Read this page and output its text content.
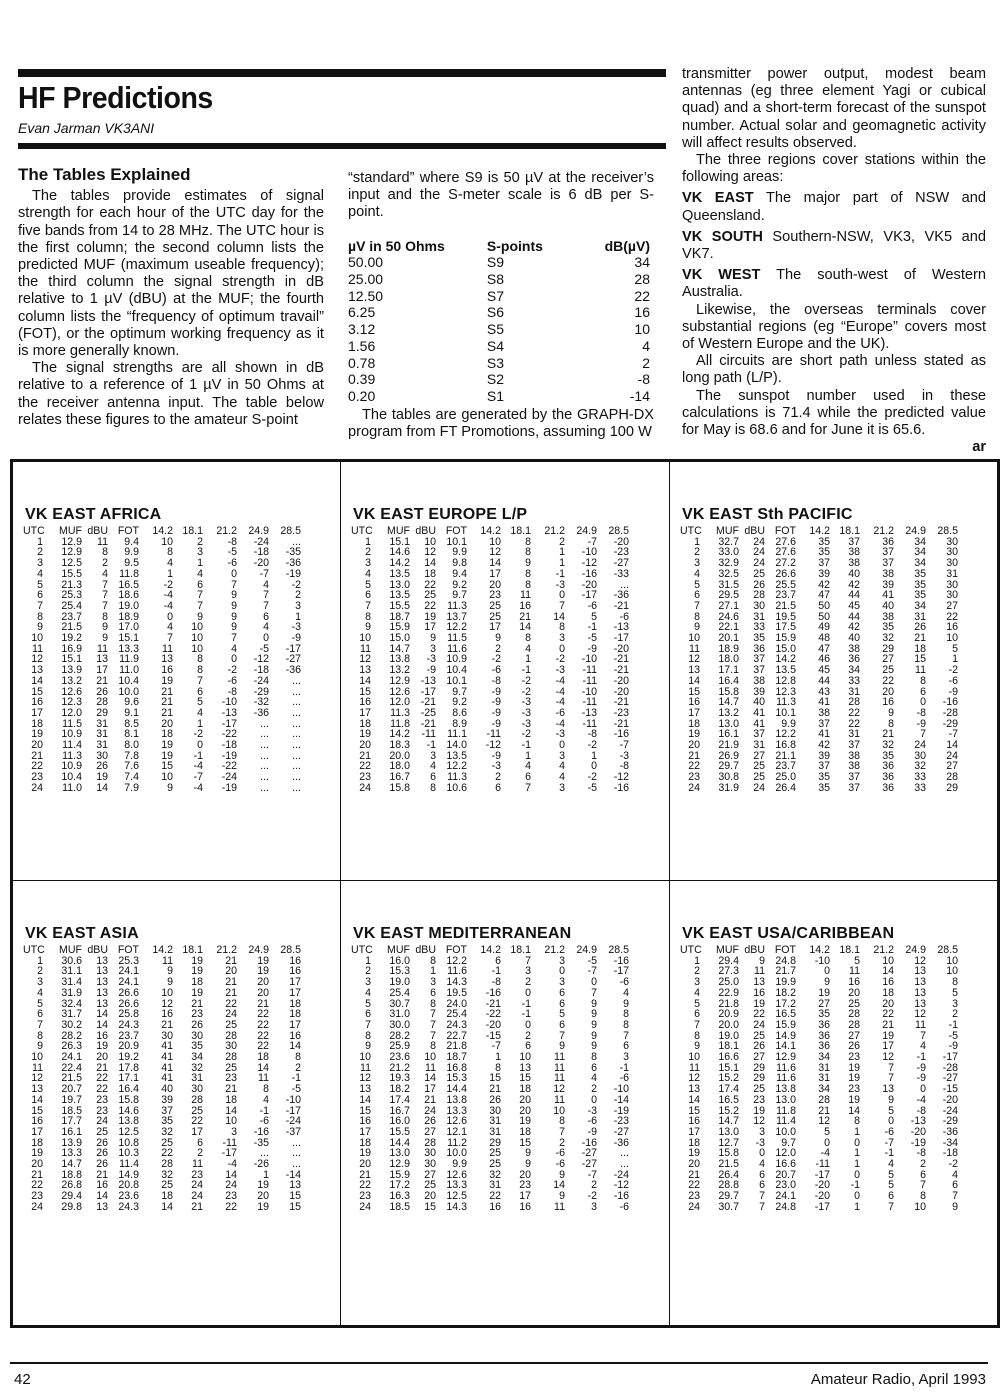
HF Predictions
Evan Jarman VK3ANI
The Tables Explained

The tables provide estimates of signal strength for each hour of the UTC day for the five bands from 14 to 28 MHz. The UTC hour is the first column; the second column lists the predicted MUF (maximum useable frequency); the third column the signal strength in dB relative to 1 µV (dBU) at the MUF; the fourth column lists the “frequency of optimum travail” (FOT), or the optimum working frequency as it is more generally known.

The signal strengths are all shown in dB relative to a reference of 1 µV in 50 Ohms at the receiver antenna input. The table below relates these figures to the amateur S-point

“standard” where S9 is 50 µV at the receiver’s input and the S-meter scale is 6 dB per S-point.

µV in 50 Ohms	S-points	dB(µV)
50.00	S9	34
25.00	S8	28
12.50	S7	22
6.25	S6	16
3.12	S5	10
1.56	S4	4
0.78	S3	2
0.39	S2	-8
0.20	S1	-14

The tables are generated by the GRAPH-DX program from FT Promotions, assuming 100 W

transmitter power output, modest beam antennas (eg three element Yagi or cubical quad) and a short-term forecast of the sunspot number. Actual solar and geomagnetic activity will affect results observed.

The three regions cover stations within the following areas:

VK EAST The major part of NSW and Queensland.

VK SOUTH Southern-NSW, VK3, VK5 and VK7.

VK WEST The south-west of Western Australia.

Likewise, the overseas terminals cover substantial regions (eg “Europe” covers most of Western Europe and the UK).

All circuits are short path unless stated as long path (L/P).

The sunspot number used in these calculations is 71.4 while the predicted value for May is 68.6 and for June it is 65.6.

ar
VK EAST AFRICA
UTC	MUF	dBU	FOT	14.2	18.1	21.2	24.9	28.5
1	12.9	11	9.4	10	2	-8	-24	...
2	12.9	8	9.9	8	3	-5	-18	-35
3	12.5	2	9.5	4	1	-6	-20	-36
4	15.5	4	11.8	1	4	0	-7	-19
5	21.3	7	16.5	-2	6	7	4	-2
6	25.3	7	18.6	-4	7	9	7	2
7	25.4	7	19.0	-4	7	9	7	3
8	23.7	8	18.9	0	9	9	6	1
9	21.5	9	17.0	4	10	9	4	-3
10	19.2	9	15.1	7	10	7	0	-9
11	16.9	11	13.3	11	10	4	-5	-17
12	15.1	13	11.9	13	8	0	-12	-27
13	13.9	17	11.0	16	8	-2	-18	-36
14	13.2	21	10.4	19	7	-6	-24	...
15	12.6	26	10.0	21	6	-8	-29	...
16	12.3	28	9.6	21	5	-10	-32	...
17	12.0	29	9.1	21	4	-13	-36	...
18	11.5	31	8.5	20	1	-17	...	...
19	10.9	31	8.1	18	-2	-22	...	...
20	11.4	31	8.0	19	0	-18	...	...
21	11.3	30	7.8	19	-1	-19	...	...
22	10.9	26	7.6	15	-4	-22	...	...
23	10.4	19	7.4	10	-7	-24	...	...
24	11.0	14	7.9	9	-4	-19	...	...
VK EAST EUROPE L/P
UTC	MUF	dBU	FOT	14.2	18.1	21.2	24.9	28.5
1	15.1	10	10.1	10	8	2	-7	-20
2	14.6	12	9.9	12	8	1	-10	-23
3	14.2	14	9.8	14	9	1	-12	-27
4	13.5	18	9.4	17	8	-1	-16	-33
5	13.0	22	9.2	20	8	-3	-20	...
6	13.5	25	9.7	23	11	0	-17	-36
7	15.5	22	11.3	25	16	7	-6	-21
8	18.7	19	13.7	25	21	14	5	-6
9	15.9	17	12.2	17	14	8	-1	-13
10	15.0	9	11.5	9	8	3	-5	-17
11	14.7	3	11.6	2	4	0	-9	-20
12	13.8	-3	10.9	-2	1	-2	-10	-21
13	13.2	-9	10.4	-6	-1	-3	-11	-21
14	12.9	-13	10.1	-8	-2	-4	-11	-20
15	12.6	-17	9.7	-9	-2	-4	-10	-20
16	12.0	-21	9.2	-9	-3	-4	-11	-21
17	11.3	-25	8.6	-9	-3	-6	-13	-23
18	11.8	-21	8.9	-9	-3	-4	-11	-21
19	14.2	-11	11.1	-11	-2	-3	-8	-16
20	18.3	-1	14.0	-12	-1	0	-2	-7
21	20.0	3	13.5	-9	1	3	1	-3
22	18.0	4	12.2	-3	4	4	0	-8
23	16.7	6	11.3	2	6	4	-2	-12
24	15.8	8	10.6	6	7	3	-5	-16
VK EAST Sth PACIFIC
UTC	MUF	dBU	FOT	14.2	18.1	21.2	24.9	28.5
1	32.7	24	27.6	35	37	36	34	30
2	33.0	24	27.6	35	38	37	34	30
3	32.9	24	27.2	37	38	37	34	30
4	32.5	25	26.6	39	40	38	35	31
5	31.5	26	25.5	42	42	39	35	30
6	29.5	28	23.7	47	44	41	35	30
7	27.1	30	21.5	50	45	40	34	27
8	24.6	31	19.5	50	44	38	31	22
9	22.1	33	17.5	49	42	35	26	16
10	20.1	35	15.9	48	40	32	21	10
11	18.9	36	15.0	47	38	29	18	5
12	18.0	37	14.2	46	36	27	15	1
13	17.1	37	13.5	45	34	25	11	-2
14	16.4	38	12.8	44	33	22	8	-6
15	15.8	39	12.3	43	31	20	6	-9
16	14.7	40	11.3	41	28	16	0	-16
17	13.2	41	10.1	38	22	9	-8	-28
18	13.0	41	9.9	37	22	8	-9	-29
19	16.1	37	12.2	41	31	21	7	-7
20	21.9	31	16.8	42	37	32	24	14
21	26.9	27	21.1	39	38	35	30	24
22	29.7	25	23.7	37	38	36	32	27
23	30.8	25	25.0	35	37	36	33	28
24	31.9	24	26.4	35	37	36	33	29
VK EAST ASIA
UTC	MUF	dBU	FOT	14.2	18.1	21.2	24.9	28.5
1	30.6	13	25.3	11	19	21	19	16
2	31.1	13	24.1	9	19	20	19	16
3	31.4	13	24.1	9	18	21	20	17
4	31.9	13	26.6	10	19	21	20	17
5	32.4	13	26.6	12	21	22	21	18
6	31.7	14	25.8	16	23	24	22	18
7	30.2	14	24.3	21	26	25	22	17
8	28.2	16	23.7	30	30	28	22	16
9	26.3	19	20.9	41	35	30	22	14
10	24.1	20	19.2	41	34	28	18	8
11	22.4	21	17.8	41	32	25	14	2
12	21.5	22	17.1	41	31	23	11	-1
13	20.7	22	16.4	40	30	21	8	-5
14	19.7	23	15.8	39	28	18	4	-10
15	18.5	23	14.6	37	25	14	-1	-17
16	17.7	24	13.8	35	22	10	-6	-24
17	16.1	25	12.5	32	17	3	-16	-37
18	13.9	26	10.8	25	6	-11	-35	...
19	13.3	26	10.3	22	2	-17	...	...
20	14.7	26	11.4	28	11	-4	-26	...
21	18.8	21	14.9	32	23	14	1	-14
22	26.8	16	20.8	25	24	24	19	13
23	29.4	14	23.6	18	24	23	20	15
24	29.8	13	24.3	14	21	22	19	15
VK EAST MEDITERRANEAN
UTC	MUF	dBU	FOT	14.2	18.1	21.2	24.9	28.5
1	16.0	8	12.2	6	7	3	-5	-16
2	15.3	1	11.6	-1	3	0	-7	-17
3	19.0	3	14.3	-8	2	3	0	-6
4	25.4	6	19.5	-16	0	6	7	4
5	30.7	8	24.0	-21	-1	6	9	9
6	31.0	7	25.4	-22	-1	5	9	8
7	30.0	7	24.3	-20	0	6	9	8
8	28.2	7	22.7	-15	2	7	9	7
9	25.9	8	21.8	-7	6	9	9	6
10	23.6	10	18.7	1	10	11	8	3
11	21.2	11	16.8	8	13	11	6	-1
12	19.3	14	15.3	15	15	11	4	-6
13	18.2	17	14.4	21	18	12	2	-10
14	17.4	21	13.8	26	20	11	0	-14
15	16.7	24	13.3	30	20	10	-3	-19
16	16.0	26	12.6	31	19	8	-6	-23
17	15.5	27	12.1	31	18	7	-9	-27
18	14.4	28	11.2	29	15	2	-16	-36
19	13.0	30	10.0	25	9	-6	-27	...
20	12.9	30	9.9	25	9	-6	-27	...
21	15.9	27	12.6	32	20	9	-7	-24
22	17.2	25	13.3	31	23	14	2	-12
23	16.3	20	12.5	22	17	9	-2	-16
24	18.5	15	14.3	16	16	11	3	-6
VK EAST USA/CARIBBEAN
UTC	MUF	dBU	FOT	14.2	18.1	21.2	24.9	28.5
1	29.4	9	24.8	-10	5	10	12	10
2	27.3	11	21.7	0	11	14	13	10
3	25.0	13	19.9	9	16	16	13	8
4	22.9	16	18.2	19	20	18	13	5
5	21.8	19	17.2	27	25	20	13	3
6	20.9	22	16.5	35	28	22	12	2
7	20.0	24	15.9	36	28	21	11	-1
8	19.0	25	14.9	36	27	19	7	-5
9	18.1	26	14.1	36	26	17	4	-9
10	16.6	27	12.9	34	23	12	-1	-17
11	15.1	29	11.6	31	19	7	-9	-28
12	15.2	29	11.6	31	19	7	-9	-27
13	17.4	25	13.8	34	23	13	0	-15
14	16.5	23	13.0	28	19	9	-4	-20
15	15.2	19	11.8	21	14	5	-8	-24
16	14.7	12	11.4	12	8	0	-13	-29
17	13.0	3	10.0	5	1	-6	-20	-36
18	12.7	-3	9.7	0	0	-7	-19	-34
19	15.8	0	12.0	-4	1	-1	-8	-18
20	21.5	4	16.6	-11	1	4	2	-2
21	26.4	6	20.7	-17	0	5	6	4
22	28.8	6	23.0	-20	-1	5	7	6
23	29.7	7	24.1	-20	0	6	8	7
24	30.7	7	24.8	-17	1	7	10	9
42	Amateur Radio, April 1993
